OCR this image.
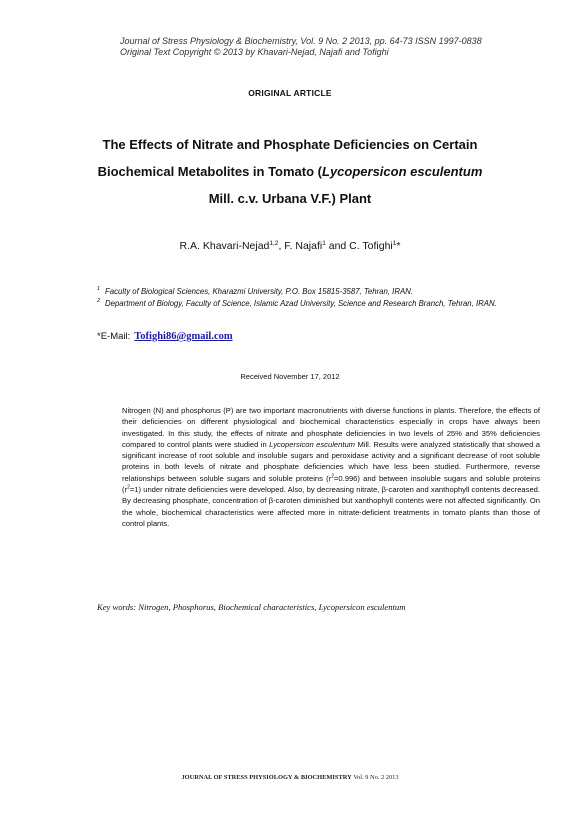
Journal of Stress Physiology & Biochemistry, Vol. 9 No. 2 2013, pp. 64-73 ISSN 1997-0838
Original Text Copyright © 2013 by Khavari-Nejad, Najafi and Tofighi
ORIGINAL ARTICLE
The Effects of Nitrate and Phosphate Deficiencies on Certain
Biochemical Metabolites in Tomato (Lycopersicon esculentum
Mill. c.v. Urbana V.F.) Plant
R.A. Khavari-Nejad$^{1,2}$, F. Najafi$^1$ and C. Tofighi$^1$*
1 Faculty of Biological Sciences, Kharazmi University, P.O. Box 15815-3587, Tehran, IRAN.
2 Department of Biology, Faculty of Science, Islamic Azad University, Science and Research Branch, Tehran, IRAN.
*E-Mail: Tofighi86@gmail.com
Received November 17, 2012

Nitrogen (N) and phosphorus (P) are two important macronutrients with diverse functions in plants. Therefore, the effects of their deficiencies on different physiological and biochemical characteristics especially in crops have always been investigated. In this study, the effects of nitrate and phosphate deficiencies in two levels of 25% and 35% deficiencies compared to control plants were studied in Lycopersicon esculentum Mill. Results were analyzed statistically that showed a significant increase of root soluble and insoluble sugars and peroxidase activity and a significant decrease of root soluble proteins in both levels of nitrate and phosphate deficiencies which have less been studied. Furthermore, reverse relationships between soluble sugars and soluble proteins $(r^2=0.996)$ and between insoluble sugars and soluble proteins $(r^2=1)$ under nitrate deficiencies were developed. Also, by decreasing nitrate, β-caroten and xanthophyll contents decreased. By decreasing phosphate, concentration of β-caroten diminished but xanthophyll contents were not affected significantly. On the whole, biochemical characteristics were affected more in nitrate-deficient treatments in tomato plants than those of control plants.

Key words: Nitrogen, Phosphorus, Biochemical characteristics, Lycopersicon esculentum
JOURNAL OF STRESS PHYSIOLOGY & BIOCHEMISTRY Vol. 9 No. 2 2013
